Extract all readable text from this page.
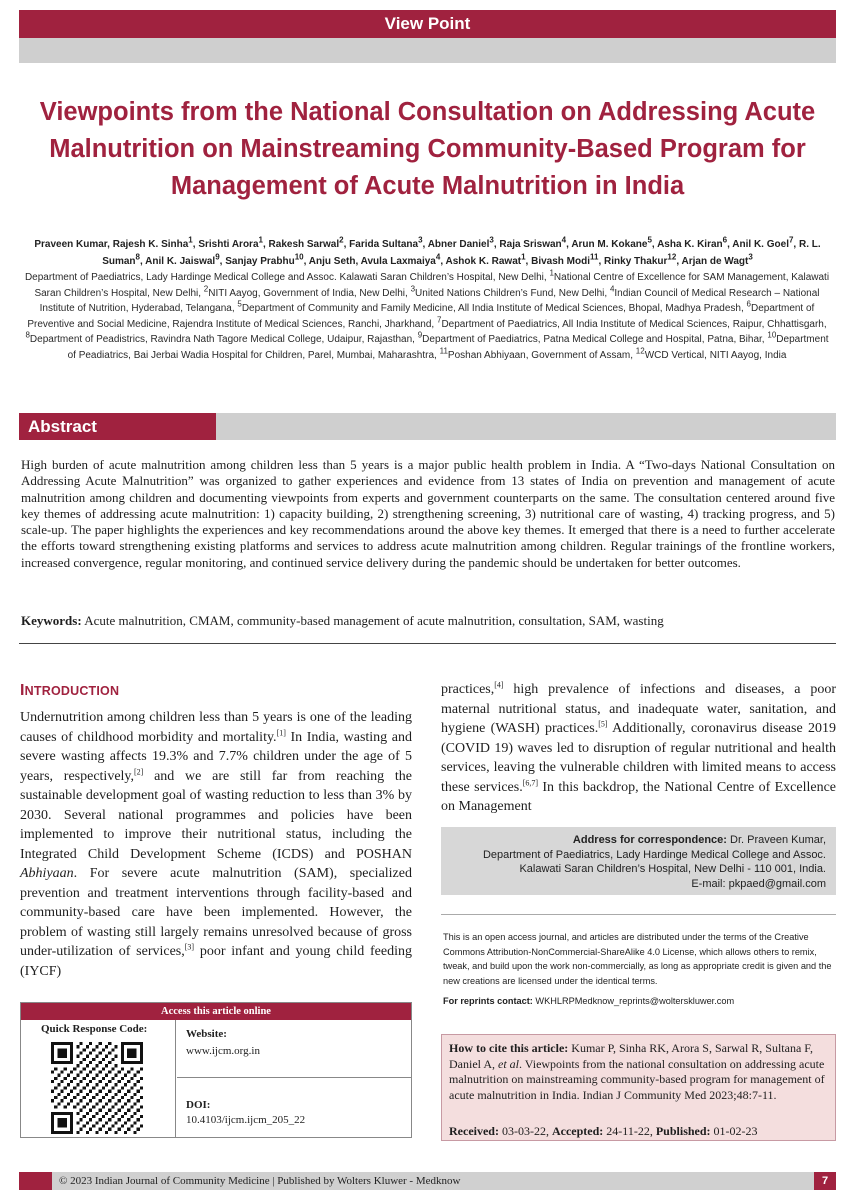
View Point
Viewpoints from the National Consultation on Addressing Acute Malnutrition on Mainstreaming Community-Based Program for Management of Acute Malnutrition in India
Praveen Kumar, Rajesh K. Sinha$^1$, Srishti Arora$^1$, Rakesh Sarwal$^2$, Farida Sultana$^3$, Abner Daniel$^3$, Raja Sriswan$^4$, Arun M. Kokane$^5$, Asha K. Kiran$^6$, Anil K. Goel$^7$, R. L. Suman$^8$, Anil K. Jaiswal$^9$, Sanjay Prabhu$^{10}$, Anju Seth, Avula Laxmaiya$^4$, Ashok K. Rawat$^1$, Bivash Modi$^{11}$, Rinky Thakur$^{12}$, Arjan de Wagt$^3$
Department of Paediatrics, Lady Hardinge Medical College and Assoc. Kalawati Saran Children’s Hospital, New Delhi, $^1$National Centre of Excellence for SAM Management, Kalawati Saran Children’s Hospital, New Delhi, $^2$NITI Aayog, Government of India, New Delhi, $^3$United Nations Children’s Fund, New Delhi, $^4$Indian Council of Medical Research – National Institute of Nutrition, Hyderabad, Telangana, $^5$Department of Community and Family Medicine, All India Institute of Medical Sciences, Bhopal, Madhya Pradesh, $^6$Department of Preventive and Social Medicine, Rajendra Institute of Medical Sciences, Ranchi, Jharkhand, $^7$Department of Paediatrics, All India Institute of Medical Sciences, Raipur, Chhattisgarh, $^8$Department of Peadistrics, Ravindra Nath Tagore Medical College, Udaipur, Rajasthan, $^9$Department of Paediatrics, Patna Medical College and Hospital, Patna, Bihar, $^{10}$Department of Peadiatrics, Bai Jerbai Wadia Hospital for Children, Parel, Mumbai, Maharashtra, $^{11}$Poshan Abhiyaan, Government of Assam, $^{12}$WCD Vertical, NITI Aayog, India
Abstract

High burden of acute malnutrition among children less than 5 years is a major public health problem in India. A “Two-days National Consultation on Addressing Acute Malnutrition” was organized to gather experiences and evidence from 13 states of India on prevention and management of acute malnutrition among children and documenting viewpoints from experts and government counterparts on the same. The consultation centered around five key themes of addressing acute malnutrition: 1) capacity building, 2) strengthening screening, 3) nutritional care of wasting, 4) tracking progress, and 5) scale-up. The paper highlights the experiences and key recommendations around the above key themes. It emerged that there is a need to further accelerate the efforts toward strengthening existing platforms and services to address acute malnutrition among children. Regular trainings of the frontline workers, increased convergence, regular monitoring, and continued service delivery during the pandemic should be undertaken for better outcomes.

Keywords: Acute malnutrition, CMAM, community-based management of acute malnutrition, consultation, SAM, wasting

INTRODUCTION

Undernutrition among children less than 5 years is one of the leading causes of childhood morbidity and mortality.[1] In India, wasting and severe wasting affects 19.3% and 7.7% children under the age of 5 years, respectively,[2] and we are still far from reaching the sustainable development goal of wasting reduction to less than 3% by 2030. Several national programmes and policies have been implemented to improve their nutritional status, including the Integrated Child Development Scheme (ICDS) and POSHAN Abhiyaan. For severe acute malnutrition (SAM), specialized prevention and treatment interventions through facility-based and community-based care have been implemented. However, the problem of wasting still largely remains unresolved because of gross under-utilization of services,[3] poor infant and young child feeding (IYCF)

practices,[4] high prevalence of infections and diseases, a poor maternal nutritional status, and inadequate water, sanitation, and hygiene (WASH) practices.[5] Additionally, coronavirus disease 2019 (COVID 19) waves led to disruption of regular nutritional and health services, leaving the vulnerable children with limited means to access these services.[6,7] In this backdrop, the National Centre of Excellence on Management

Access this article online
Quick Response Code:	Website:
www.ijcm.org.in
DOI:
10.4103/ijcm.ijcm_205_22
Address for correspondence: Dr. Praveen Kumar,
Department of Paediatrics, Lady Hardinge Medical College and Assoc.
Kalawati Saran Children’s Hospital, New Delhi - 110 001, India.
E-mail: pkpaed@gmail.com

This is an open access journal, and articles are distributed under the terms of the Creative Commons Attribution‑NonCommercial‑ShareAlike 4.0 License, which allows others to remix, tweak, and build upon the work non‑commercially, as long as appropriate credit is given and the new creations are licensed under the identical terms.

For reprints contact: WKHLRPMedknow_reprints@wolterskluwer.com

How to cite this article: Kumar P, Sinha RK, Arora S, Sarwal R, Sultana F, Daniel A, et al. Viewpoints from the national consultation on addressing acute malnutrition on mainstreaming community-based program for management of acute malnutrition in India. Indian J Community Med 2023;48:7-11.
Received: 03-03-22, Accepted: 24-11-22, Published: 01-02-23
© 2023 Indian Journal of Community Medicine | Published by Wolters Kluwer - Medknow	7
